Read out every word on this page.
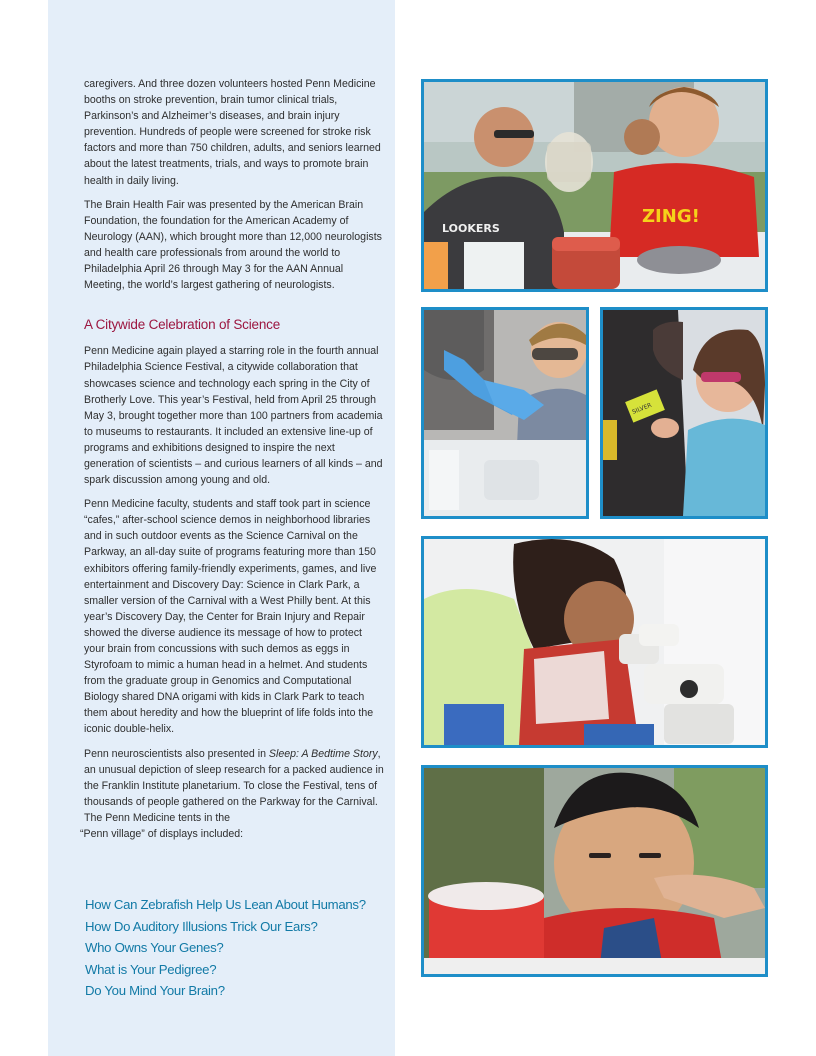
caregivers. And three dozen volunteers hosted Penn Medicine booths on stroke prevention, brain tumor clinical trials, Parkinson’s and Alzheimer’s diseases, and brain injury prevention. Hundreds of people were screened for stroke risk factors and more than 750 children, adults, and seniors learned about the latest treatments, trials, and ways to promote brain health in daily living.

The Brain Health Fair was presented by the American Brain Foundation, the foundation for the American Academy of Neurology (AAN), which brought more than 12,000 neurologists and health care professionals from around the world to Philadelphia April 26 through May 3 for the AAN Annual Meeting, the world’s largest gathering of neurologists.

A Citywide Celebration of Science

Penn Medicine again played a starring role in the fourth annual Philadelphia Science Festival, a citywide collaboration that showcases science and technology each spring in the City of Brotherly Love. This year’s Festival, held from April 25 through May 3, brought together more than 100 partners from academia to museums to restaurants. It included an extensive line-up of programs and exhibitions designed to inspire the next generation of scientists – and curious learners of all kinds – and spark discussion among young and old.

Penn Medicine faculty, students and staff took part in science “cafes,” after-school science demos in neighborhood libraries and in such outdoor events as the Science Carnival on the Parkway, an all-day suite of programs featuring more than 150 exhibitors offering family-friendly experiments, games, and live entertainment and Discovery Day: Science in Clark Park, a smaller version of the Carnival with a West Philly bent. At this year’s Discovery Day, the Center for Brain Injury and Repair showed the diverse audience its message of how to protect your brain from concussions with such demos as eggs in Styrofoam to mimic a human head in a helmet. And students from the graduate group in Genomics and Computational Biology shared DNA origami with kids in Clark Park to teach them about heredity and how the blueprint of life folds into the iconic double-helix.

Penn neuroscientists also presented in Sleep: A Bedtime Story, an unusual depiction of sleep research for a packed audience in the Franklin Institute planetarium. To close the Festival, tens of thousands of people gathered on the Parkway for the Carnival. The Penn Medicine tents in the

“Penn village” of displays included:

How Can Zebrafish Help Us Lean About Humans?
How Do Auditory Illusions Trick Our Ears?
Who Owns Your Genes?
What is Your Pedigree?
Do You Mind Your Brain?
LOOKERS
ZING!
SILVER
